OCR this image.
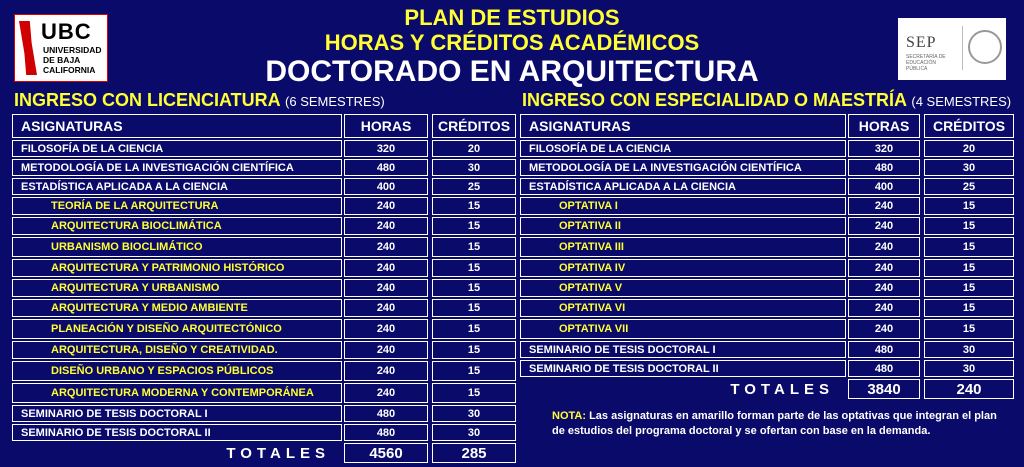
UBC
UNIVERSIDAD
DE BAJA
CALIFORNIA
SEP
SECRETARÍA DE EDUCACIÓN PÚBLICA
PLAN DE ESTUDIOS
HORAS Y CRÉDITOS ACADÉMICOS
DOCTORADO EN ARQUITECTURA
INGRESO CON LICENCIATURA (6 SEMESTRES)	INGRESO CON ESPECIALIDAD O MAESTRÍA (4 SEMESTRES)
ASIGNATURAS	HORAS	CRÉDITOS
FILOSOFÍA DE LA CIENCIA	320	20
METODOLOGÍA DE LA INVESTIGACIÓN CIENTÍFICA	480	30
ESTADÍSTICA APLICADA A LA CIENCIA	400	25
TEORÍA DE LA ARQUITECTURA	240	15
ARQUITECTURA BIOCLIMÁTICA	240	15
URBANISMO BIOCLIMÁTICO	240	15
ARQUITECTURA Y PATRIMONIO HISTÓRICO	240	15
ARQUITECTURA Y URBANISMO	240	15
ARQUITECTURA Y MEDIO AMBIENTE	240	15
PLANEACIÓN Y DISEÑO ARQUITECTÓNICO	240	15
ARQUITECTURA, DISEÑO Y CREATIVIDAD.	240	15
DISEÑO URBANO Y ESPACIOS PÚBLICOS	240	15
ARQUITECTURA MODERNA Y CONTEMPORÁNEA	240	15
SEMINARIO DE TESIS DOCTORAL I	480	30
SEMINARIO DE TESIS DOCTORAL II	480	30
TOTALES	4560	285
ASIGNATURAS	HORAS	CRÉDITOS
FILOSOFÍA DE LA CIENCIA	320	20
METODOLOGÍA DE LA INVESTIGACIÓN CIENTÍFICA	480	30
ESTADÍSTICA APLICADA A LA CIENCIA	400	25
OPTATIVA I	240	15
OPTATIVA II	240	15
OPTATIVA III	240	15
OPTATIVA IV	240	15
OPTATIVA V	240	15
OPTATIVA VI	240	15
OPTATIVA VII	240	15
SEMINARIO DE TESIS DOCTORAL I	480	30
SEMINARIO DE TESIS DOCTORAL II	480	30
TOTALES	3840	240
NOTA: Las asignaturas en amarillo forman parte de las optativas que integran el plan de estudios del programa doctoral y se ofertan con base en la demanda.
